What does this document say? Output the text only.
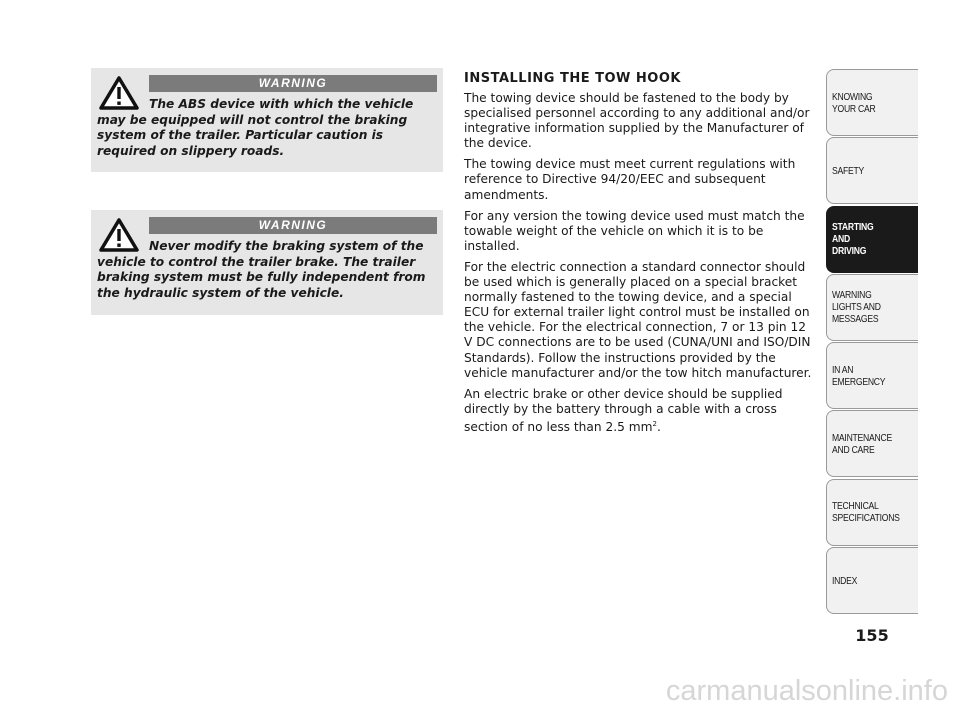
WARNING

The ABS device with which the vehicle may be equipped will not control the braking system of the trailer. Particular caution is required on slippery roads.

WARNING

Never modify the braking system of the vehicle to control the trailer brake. The trailer braking system must be fully independent from the hydraulic system of the vehicle.

INSTALLING THE TOW HOOK

The towing device should be fastened to the body by specialised personnel according to any additional and/or integrative information supplied by the Manufacturer of the device.

The towing device must meet current regulations with reference to Directive 94/20/EEC and subsequent amendments.

For any version the towing device used must match the towable weight of the vehicle on which it is to be installed.

For the electric connection a standard connector should be used which is generally placed on a special bracket normally fastened to the towing device, and a special ECU for external trailer light control must be installed on the vehicle. For the electrical connection, 7 or 13 pin 12 V DC connections are to be used (CUNA/UNI and ISO/DIN Standards). Follow the instructions provided by the vehicle manufacturer and/or the tow hitch manufacturer.

An electric brake or other device should be supplied directly by the battery through a cable with a cross section of no less than 2.5 $mm^2$.

KNOWING
YOUR CAR
SAFETY
STARTING
AND
DRIVING
WARNING
LIGHTS AND
MESSAGES
IN AN
EMERGENCY
MAINTENANCE
AND CARE
TECHNICAL
SPECIFICATIONS
INDEX
155
carmanualsonline.info
